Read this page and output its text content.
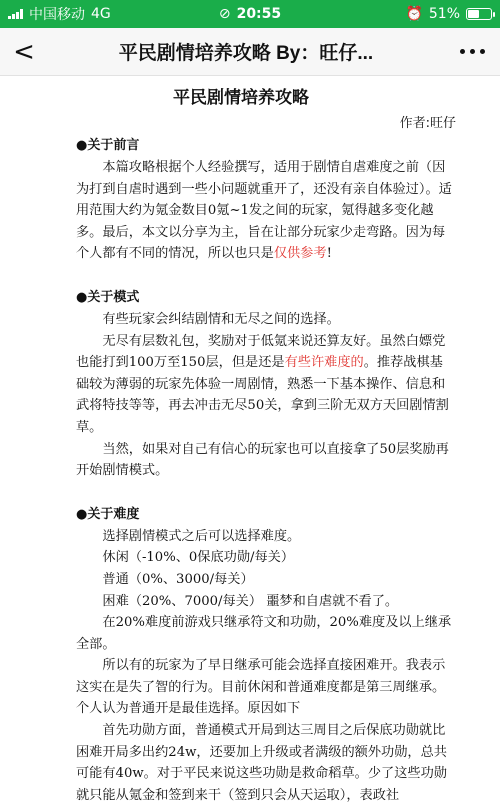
中国移动 4G	⊘ 20:55	⏰ 51%
<	平民剧情培养攻略 By：旺仔...
平民剧情培养攻略
作者:旺仔
●关于前言

本篇攻略根据个人经验撰写，适用于剧情自虐难度之前（因为打到自虐时遇到一些小问题就重开了，还没有亲自体验过）。适用范围大约为氪金数目0氪~1发之间的玩家，氪得越多变化越多。最后，本文以分享为主，旨在让部分玩家少走弯路。因为每个人都有不同的情况，所以也只是仅供参考!

●关于模式

有些玩家会纠结剧情和无尽之间的选择。

无尽有层数礼包，奖励对于低氪来说还算友好。虽然白嫖党也能打到100万至150层，但是还是有些许难度的。推荐战棋基础较为薄弱的玩家先体验一周剧情，熟悉一下基本操作、信息和武将特技等等，再去冲击无尽50关，拿到三阶无双方天回剧情割草。

当然，如果对自己有信心的玩家也可以直接拿了50层奖励再开始剧情模式。

●关于难度

选择剧情模式之后可以选择难度。

休闲（-10%、0保底功勋/每关）

普通（0%、3000/每关）

困难（20%、7000/每关） 噩梦和自虐就不看了。

在20%难度前游戏只继承符文和功勋，20%难度及以上继承全部。

所以有的玩家为了早日继承可能会选择直接困难开。我表示这实在是失了智的行为。目前休闲和普通难度都是第三周继承。个人认为普通开是最佳选择。原因如下

首先功勋方面，普通模式开局到达三周目之后保底功勋就比困难开局多出约24w，还要加上升级或者满级的额外功勋，总共可能有40w。对于平民来说这些功勋是救命稻草。少了这些功勋就只能从氪金和签到来干（签到只会从天运取），表政社
